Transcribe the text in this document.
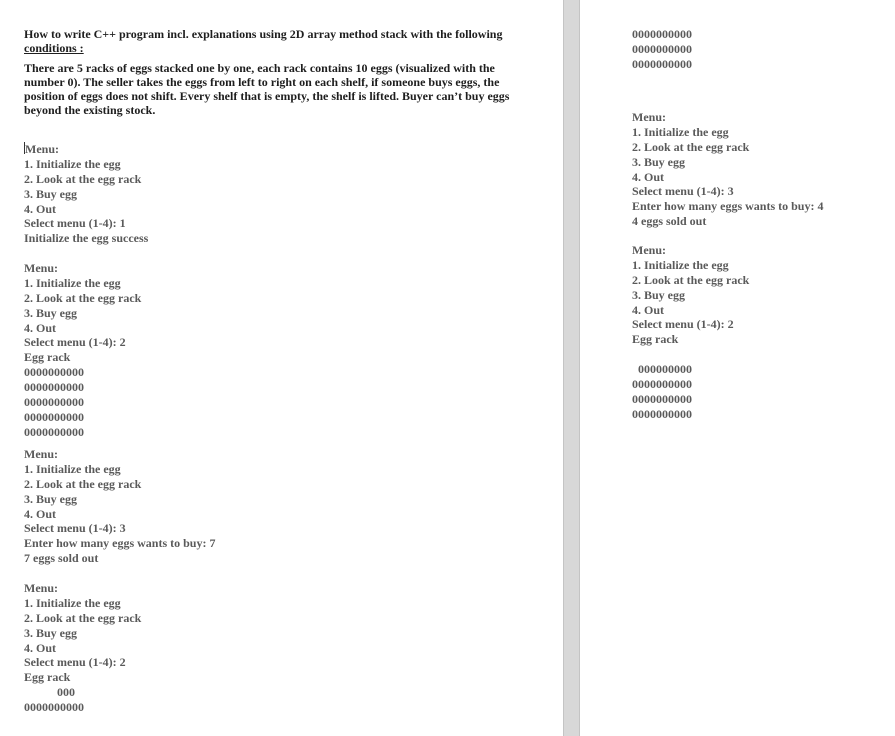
How to write C++ program incl. explanations using 2D array method stack with the following
conditions :
There are 5 racks of eggs stacked one by one, each rack contains 10 eggs (visualized with the number 0). The seller takes the eggs from left to right on each shelf, if someone buys eggs, the position of eggs does not shift. Every shelf that is empty, the shelf is lifted. Buyer can’t buy eggs beyond the existing stock.
Menu:
1. Initialize the egg
2. Look at the egg rack
3. Buy egg
4. Out
Select menu (1-4): 1
Initialize the egg success
Menu:
1. Initialize the egg
2. Look at the egg rack
3. Buy egg
4. Out
Select menu (1-4): 2
Egg rack
0000000000
0000000000
0000000000
0000000000
0000000000
Menu:
1. Initialize the egg
2. Look at the egg rack
3. Buy egg
4. Out
Select menu (1-4): 3
Enter how many eggs wants to buy: 7
7 eggs sold out
Menu:
1. Initialize the egg
2. Look at the egg rack
3. Buy egg
4. Out
Select menu (1-4): 2
Egg rack
000
0000000000
0000000000
0000000000
0000000000
Menu:
1. Initialize the egg
2. Look at the egg rack
3. Buy egg
4. Out
Select menu (1-4): 3
Enter how many eggs wants to buy: 4
4 eggs sold out
Menu:
1. Initialize the egg
2. Look at the egg rack
3. Buy egg
4. Out
Select menu (1-4): 2
Egg rack
000000000
0000000000
0000000000
0000000000
